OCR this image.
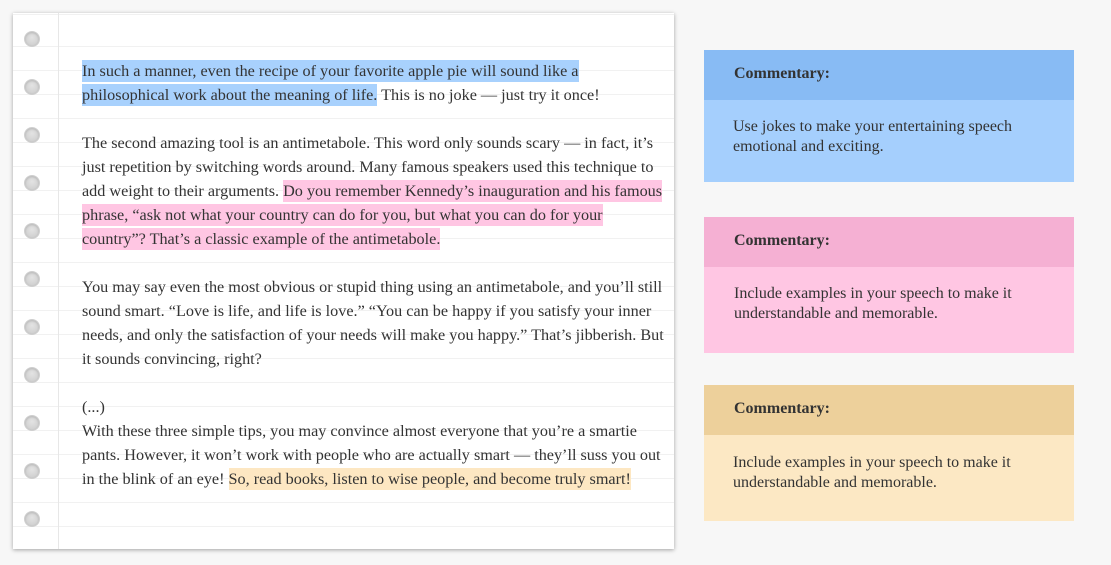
In such a manner, even the recipe of your favorite apple pie will sound like a philosophical work about the meaning of life. This is no joke — just try it once!

The second amazing tool is an antimetabole. This word only sounds scary — in fact, it’s just repetition by switching words around. Many famous speakers used this technique to add weight to their arguments. Do you remember Kennedy’s inauguration and his famous phrase, “ask not what your country can do for you, but what you can do for your country”? That’s a classic example of the antimetabole.

You may say even the most obvious or stupid thing using an antimetabole, and you’ll still sound smart. “Love is life, and life is love.” “You can be happy if you satisfy your inner needs, and only the satisfaction of your needs will make you happy.” That’s jibberish. But it sounds convincing, right?

(...)

With these three simple tips, you may convince almost everyone that you’re a smartie pants. However, it won’t work with people who are actually smart — they’ll suss you out in the blink of an eye! So, read books, listen to wise people, and become truly smart!

Commentary:
Use jokes to make your entertaining speech emotional and exciting.
Commentary:
Include examples in your speech to make it understandable and memorable.
Commentary:
Include examples in your speech to make it understandable and memorable.
